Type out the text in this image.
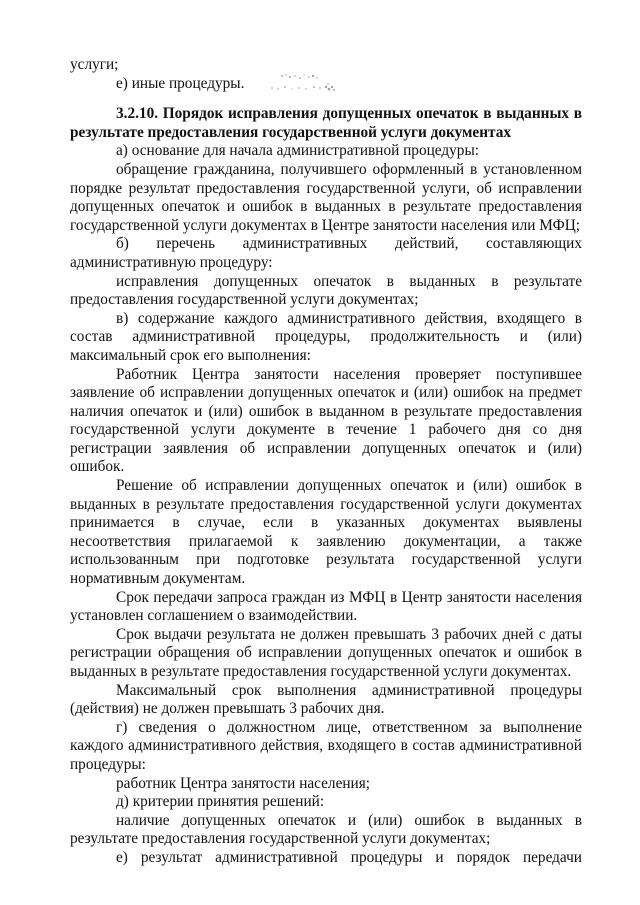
услуги;

е) иные процедуры.

3.2.10. Порядок исправления допущенных опечаток в выданных в результате предоставления государственной услуги документах

а) основание для начала административной процедуры:

обращение гражданина, получившего оформленный в установленном порядке результат предоставления государственной услуги, об исправлении допущенных опечаток и ошибок в выданных в результате предоставления государственной услуги документах в Центре занятости населения или МФЦ;

б) перечень административных действий, составляющих административную процедуру:

исправления допущенных опечаток в выданных в результате предоставления государственной услуги документах;

в) содержание каждого административного действия, входящего в состав административной процедуры, продолжительность и (или) максимальный срок его выполнения:

Работник Центра занятости населения проверяет поступившее заявление об исправлении допущенных опечаток и (или) ошибок на предмет наличия опечаток и (или) ошибок в выданном в результате предоставления государственной услуги документе в течение 1 рабочего дня со дня регистрации заявления об исправлении допущенных опечаток и (или) ошибок.

Решение об исправлении допущенных опечаток и (или) ошибок в выданных в результате предоставления государственной услуги документах принимается в случае, если в указанных документах выявлены несоответствия прилагаемой к заявлению документации, а также использованным при подготовке результата государственной услуги нормативным документам.

Срок передачи запроса граждан из МФЦ в Центр занятости населения установлен соглашением о взаимодействии.

Срок выдачи результата не должен превышать 3 рабочих дней с даты регистрации обращения об исправлении допущенных опечаток и ошибок в выданных в результате предоставления государственной услуги документах.

Максимальный срок выполнения административной процедуры (действия) не должен превышать 3 рабочих дня.

г) сведения о должностном лице, ответственном за выполнение каждого административного действия, входящего в состав административной процедуры:

работник Центра занятости населения;

д) критерии принятия решений:

наличие допущенных опечаток и (или) ошибок в выданных в результате предоставления государственной услуги документах;

е) результат административной процедуры и порядок передачи
